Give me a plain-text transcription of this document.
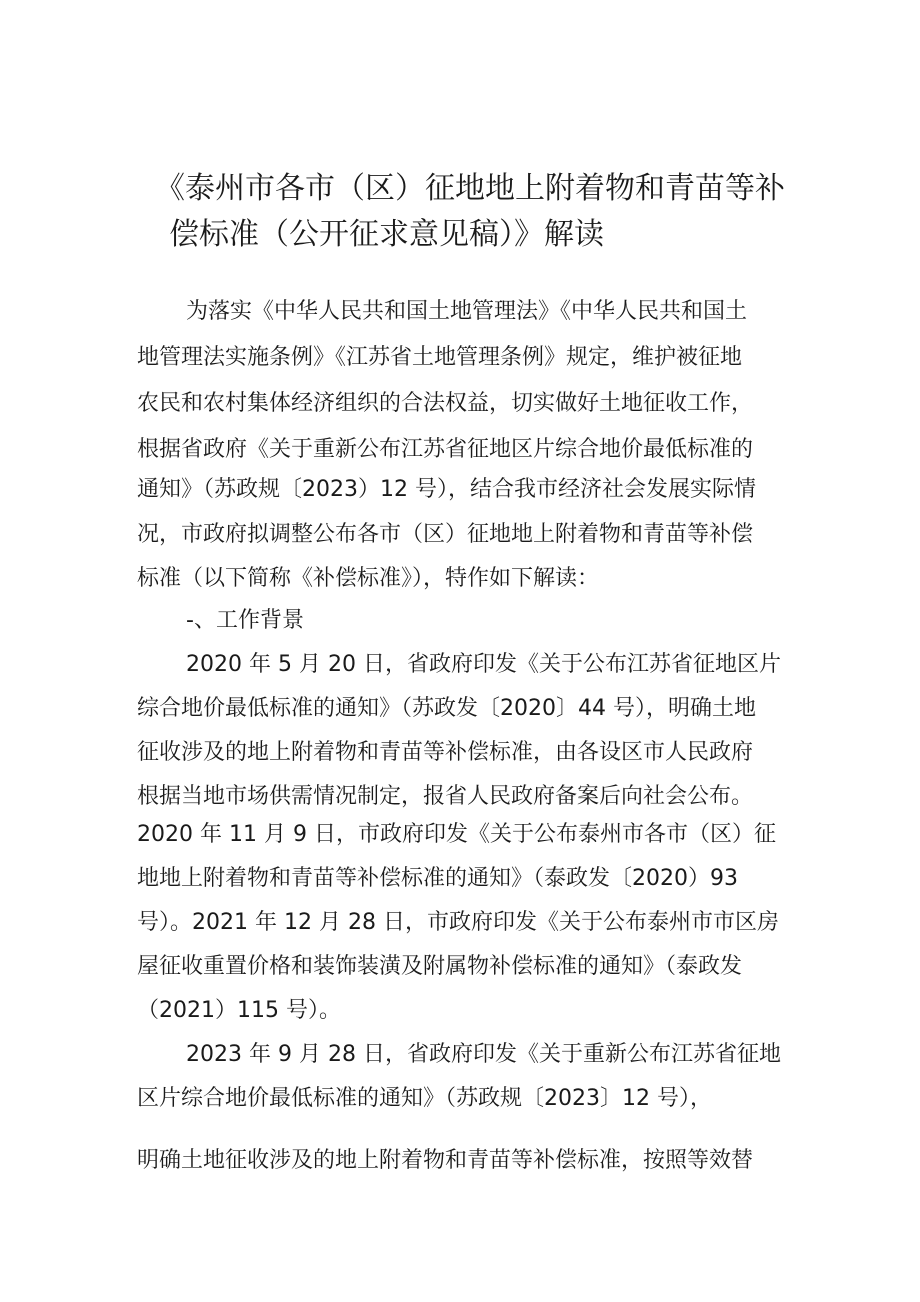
《泰州市各市（区）征地地上附着物和青苗等补
偿标准（公开征求意见稿）》解读

为落实《中华人民共和国土地管理法》《中华人民共和国土

地管理法实施条例》《江苏省土地管理条例》规定，维护被征地

农民和农村集体经济组织的合法权益，切实做好土地征收工作，

根据省政府《关于重新公布江苏省征地区片综合地价最低标准的

通知》（苏政规〔2023）12 号），结合我市经济社会发展实际情

况，市政府拟调整公布各市（区）征地地上附着物和青苗等补偿

标准（以下简称《补偿标准》），特作如下解读：

-、工作背景

2020 年 5 月 20 日，省政府印发《关于公布江苏省征地区片

综合地价最低标准的通知》（苏政发〔2020〕44 号），明确土地

征收涉及的地上附着物和青苗等补偿标准，由各设区市人民政府

根据当地市场供需情况制定，报省人民政府备案后向社会公布。

2020 年 11 月 9 日，市政府印发《关于公布泰州市各市（区）征

地地上附着物和青苗等补偿标准的通知》（泰政发〔2020）93

号）。2021 年 12 月 28 日，市政府印发《关于公布泰州市市区房

屋征收重置价格和装饰装潢及附属物补偿标准的通知》（泰政发

（2021）115 号）。

2023 年 9 月 28 日，省政府印发《关于重新公布江苏省征地

区片综合地价最低标准的通知》（苏政规〔2023〕12 号），

明确土地征收涉及的地上附着物和青苗等补偿标准，按照等效替
